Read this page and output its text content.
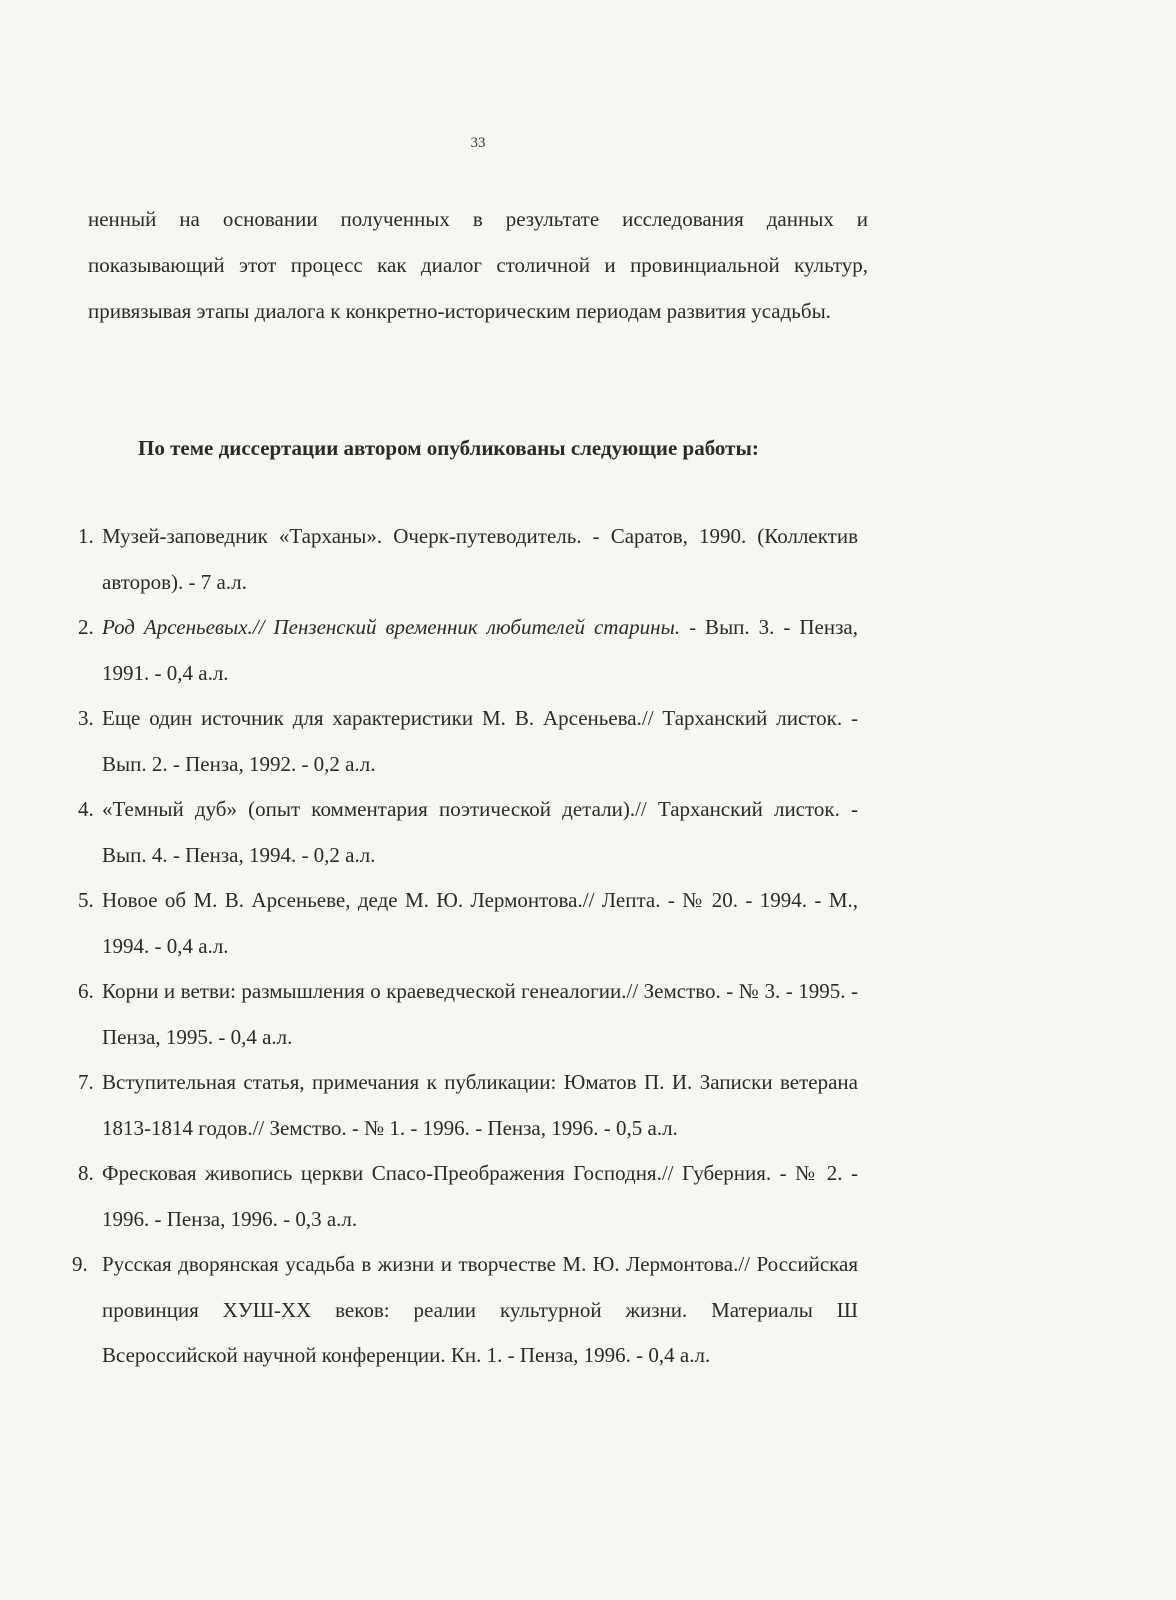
33

ненный на основании полученных в результате исследования данных и показывающий этот процесс как диалог столичной и провинциальной культур, привязывая этапы диалога к конкретно-историческим периодам развития усадьбы.

По теме диссертации автором опубликованы следующие работы:

1. Музей-заповедник «Тарханы». Очерк-путеводитель. - Саратов, 1990. (Коллектив авторов). - 7 а.л.
2. Род Арсеньевых.// Пензенский временник любителей старины. - Вып. 3. - Пенза, 1991. - 0,4 а.л.
3. Еще один источник для характеристики М. В. Арсеньева.// Тарханский листок. - Вып. 2. - Пенза, 1992. - 0,2 а.л.
4. «Темный дуб» (опыт комментария поэтической детали).// Тарханский листок. - Вып. 4. - Пенза, 1994. - 0,2 а.л.
5. Новое об М. В. Арсеньеве, деде М. Ю. Лермонтова.// Лепта. - № 20. - 1994. - М., 1994. - 0,4 а.л.
6. Корни и ветви: размышления о краеведческой генеалогии.// Земство. - № 3. - 1995. - Пенза, 1995. - 0,4 а.л.
7. Вступительная статья, примечания к публикации: Юматов П. И. Записки ветерана 1813-1814 годов.// Земство. - № 1. - 1996. - Пенза, 1996. - 0,5 а.л.
8. Фресковая живопись церкви Спасо-Преображения Господня.// Губерния. - № 2. - 1996. - Пенза, 1996. - 0,3 а.л.
9. Русская дворянская усадьба в жизни и творчестве М. Ю. Лермонтова.// Российская провинция ХУШ-ХХ веков: реалии культурной жизни. Материалы Ш Всероссийской научной конференции. Кн. 1. - Пенза, 1996. - 0,4 а.л.
